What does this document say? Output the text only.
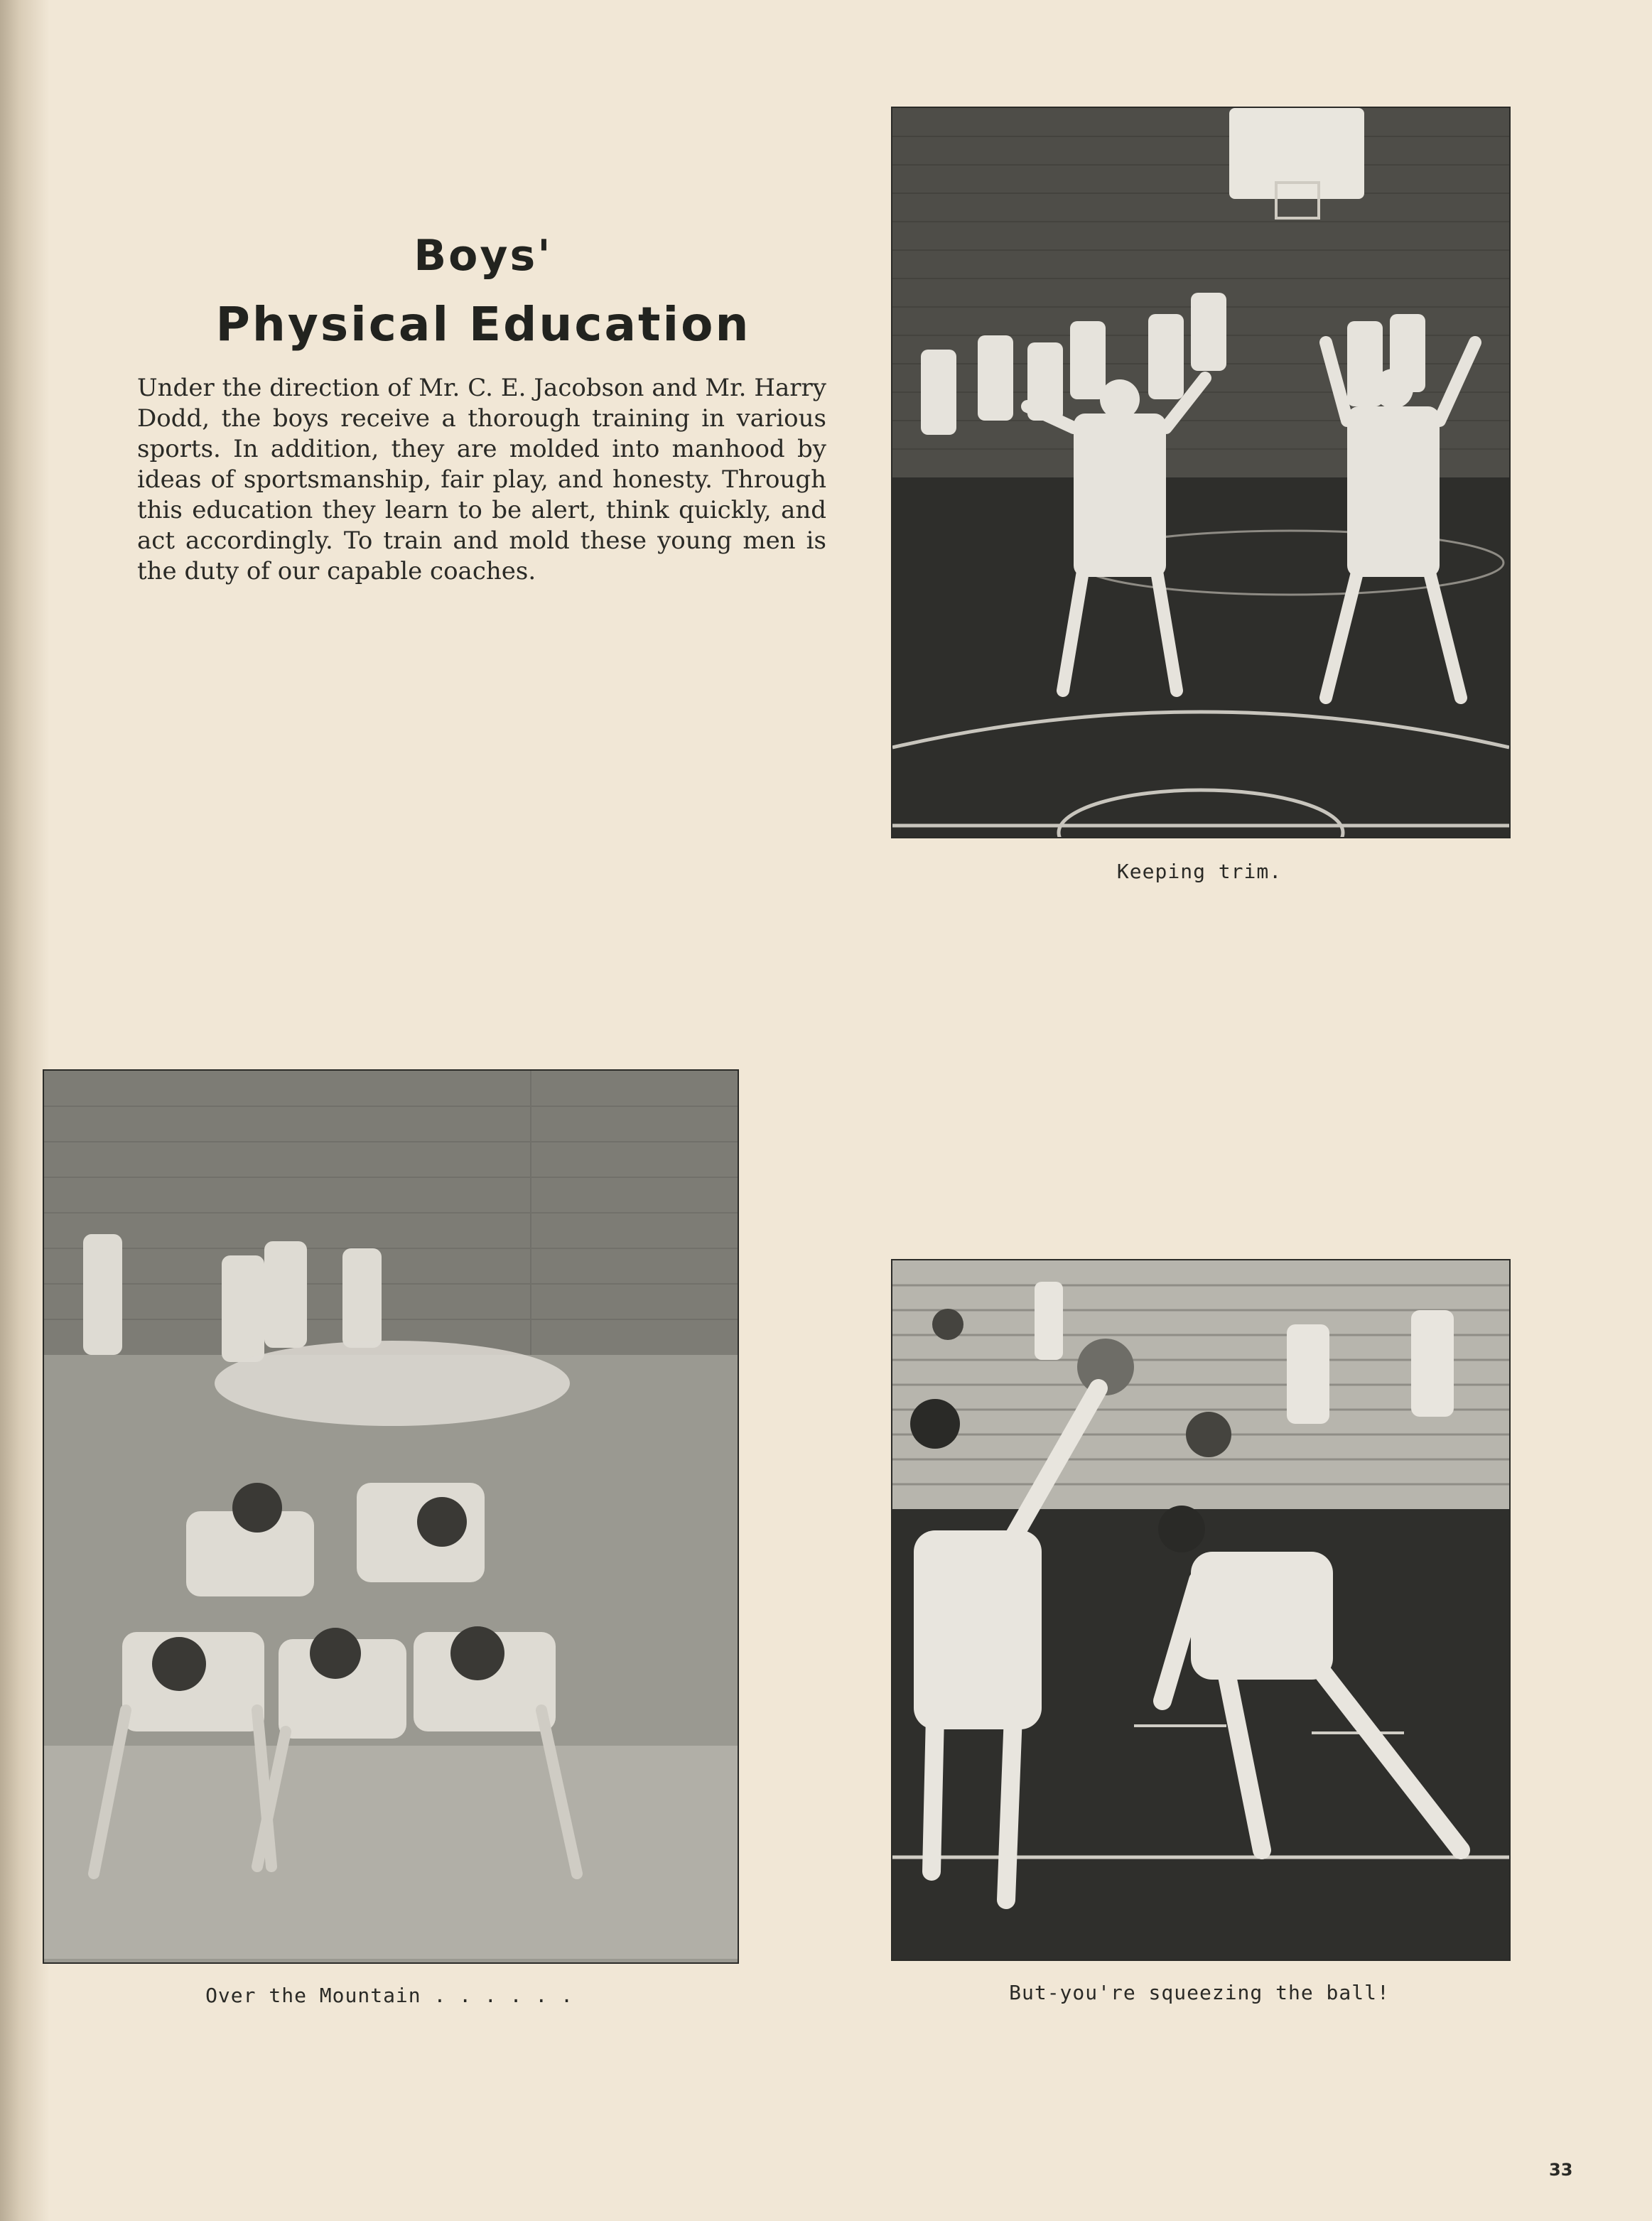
Boys'
Physical Education

Under the direction of Mr. C. E. Jacobson and Mr. Harry Dodd, the boys receive a thorough training in various sports. In addition, they are molded into manhood by ideas of sportsmanship, fair play, and honesty. Through this education they learn to be alert, think quickly, and act accordingly. To train and mold these young men is the duty of our capable coaches.

Keeping trim.

Over the Mountain . . . . . .	But-you're squeezing the ball!

33
